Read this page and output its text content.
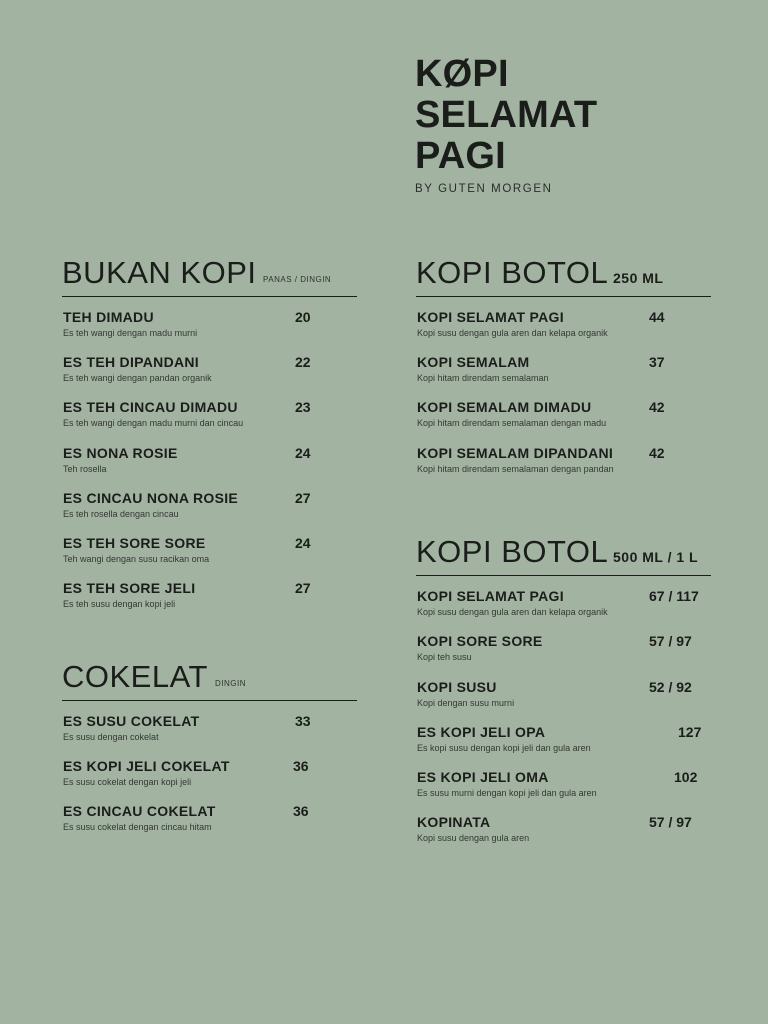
KØPI
SELAMAT
PAGI
BY GUTEN MORGEN
BUKAN KOPI PANAS / DINGIN
TEH DIMADU	20
Es teh wangi dengan madu murni
ES TEH DIPANDANI	22
Es teh wangi dengan pandan organik
ES TEH CINCAU DIMADU	23
Es teh wangi dengan madu murni dan cincau
ES NONA ROSIE	24
Teh rosella
ES CINCAU NONA ROSIE	27
Es teh rosella dengan cincau
ES TEH SORE SORE	24
Teh wangi dengan susu racikan oma
ES TEH SORE JELI	27
Es teh susu dengan kopi jeli
COKELAT DINGIN
ES SUSU COKELAT	33
Es susu dengan cokelat
ES KOPI JELI COKELAT	36
Es susu cokelat dengan kopi jeli
ES CINCAU COKELAT	36
Es susu cokelat dengan cincau hitam
KOPI BOTOL 250 ML
KOPI SELAMAT PAGI	44
Kopi susu dengan gula aren dan kelapa organik
KOPI SEMALAM	37
Kopi hitam direndam semalaman
KOPI SEMALAM DIMADU	42
Kopi hitam direndam semalaman dengan madu
KOPI SEMALAM DIPANDANI	42
Kopi hitam direndam semalaman dengan pandan
KOPI BOTOL 500 ML / 1 L
KOPI SELAMAT PAGI	67 / 117
Kopi susu dengan gula aren dan kelapa organik
KOPI SORE SORE	57 / 97
Kopi teh susu
KOPI SUSU	52 / 92
Kopi dengan susu murni
ES KOPI JELI OPA	127
Es kopi susu dengan kopi jeli dan gula aren
ES KOPI JELI OMA	102
Es susu murni dengan kopi jeli dan gula aren
KOPINATA	57 / 97
Kopi susu dengan gula aren
